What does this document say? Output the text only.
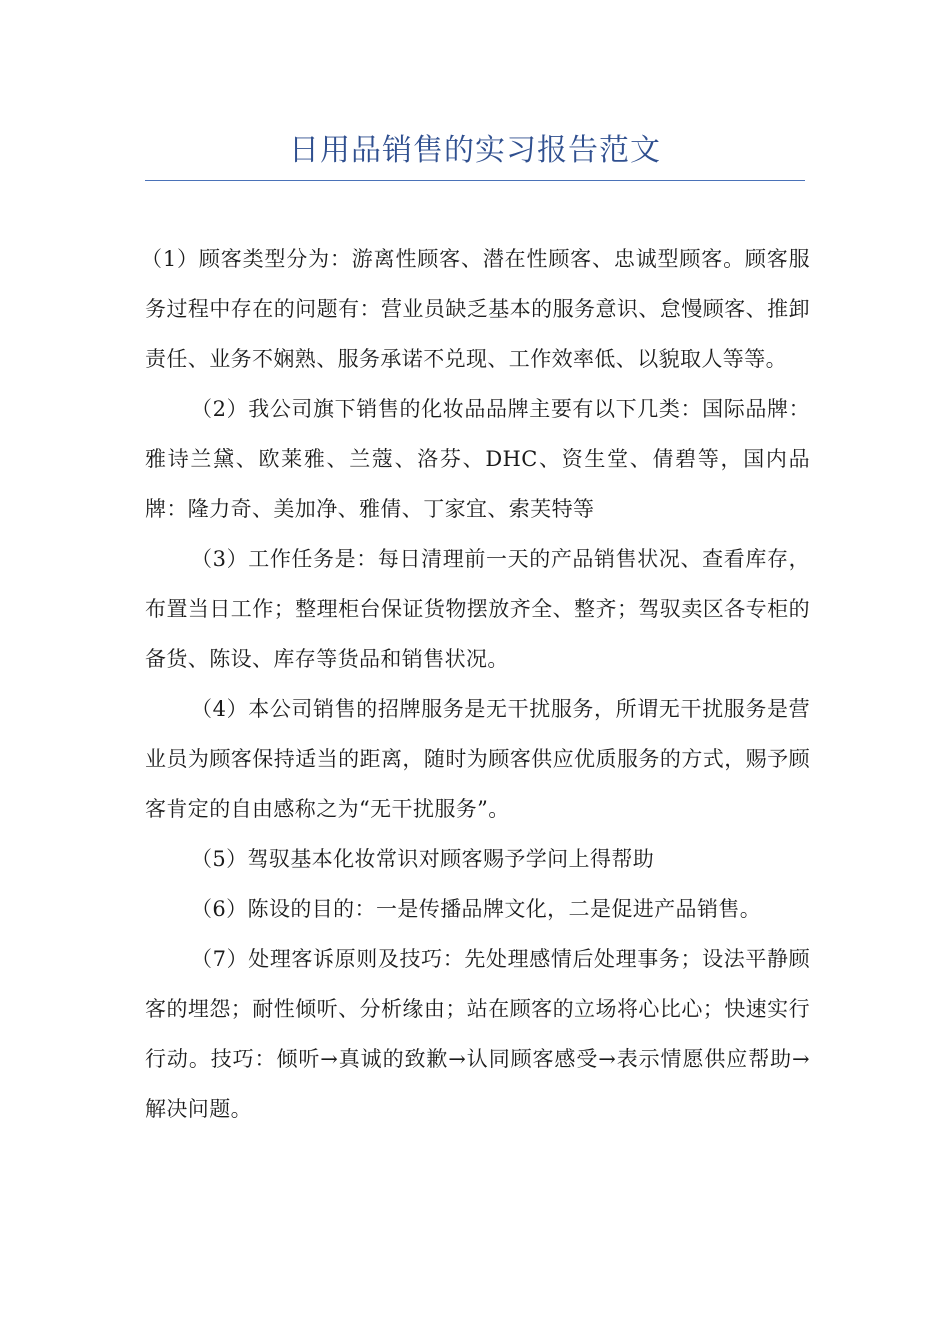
日用品销售的实习报告范文

（1）顾客类型分为：游离性顾客、潜在性顾客、忠诚型顾客。顾客服务过程中存在的问题有：营业员缺乏基本的服务意识、怠慢顾客、推卸责任、业务不娴熟、服务承诺不兑现、工作效率低、以貌取人等等。

（2）我公司旗下销售的化妆品品牌主要有以下几类：国际品牌：雅诗兰黛、欧莱雅、兰蔻、洛芬、DHC、资生堂、倩碧等，国内品牌：隆力奇、美加净、雅倩、丁家宜、索芙特等

（3）工作任务是：每日清理前一天的产品销售状况、查看库存，布置当日工作；整理柜台保证货物摆放齐全、整齐；驾驭卖区各专柜的备货、陈设、库存等货品和销售状况。

（4）本公司销售的招牌服务是无干扰服务，所谓无干扰服务是营业员为顾客保持适当的距离，随时为顾客供应优质服务的方式，赐予顾客肯定的自由感称之为“无干扰服务”。

（5）驾驭基本化妆常识对顾客赐予学问上得帮助

（6）陈设的目的：一是传播品牌文化，二是促进产品销售。

（7）处理客诉原则及技巧：先处理感情后处理事务；设法平静顾客的埋怨；耐性倾听、分析缘由；站在顾客的立场将心比心；快速实行行动。技巧：倾听→真诚的致歉→认同顾客感受→表示情愿供应帮助→解决问题。
